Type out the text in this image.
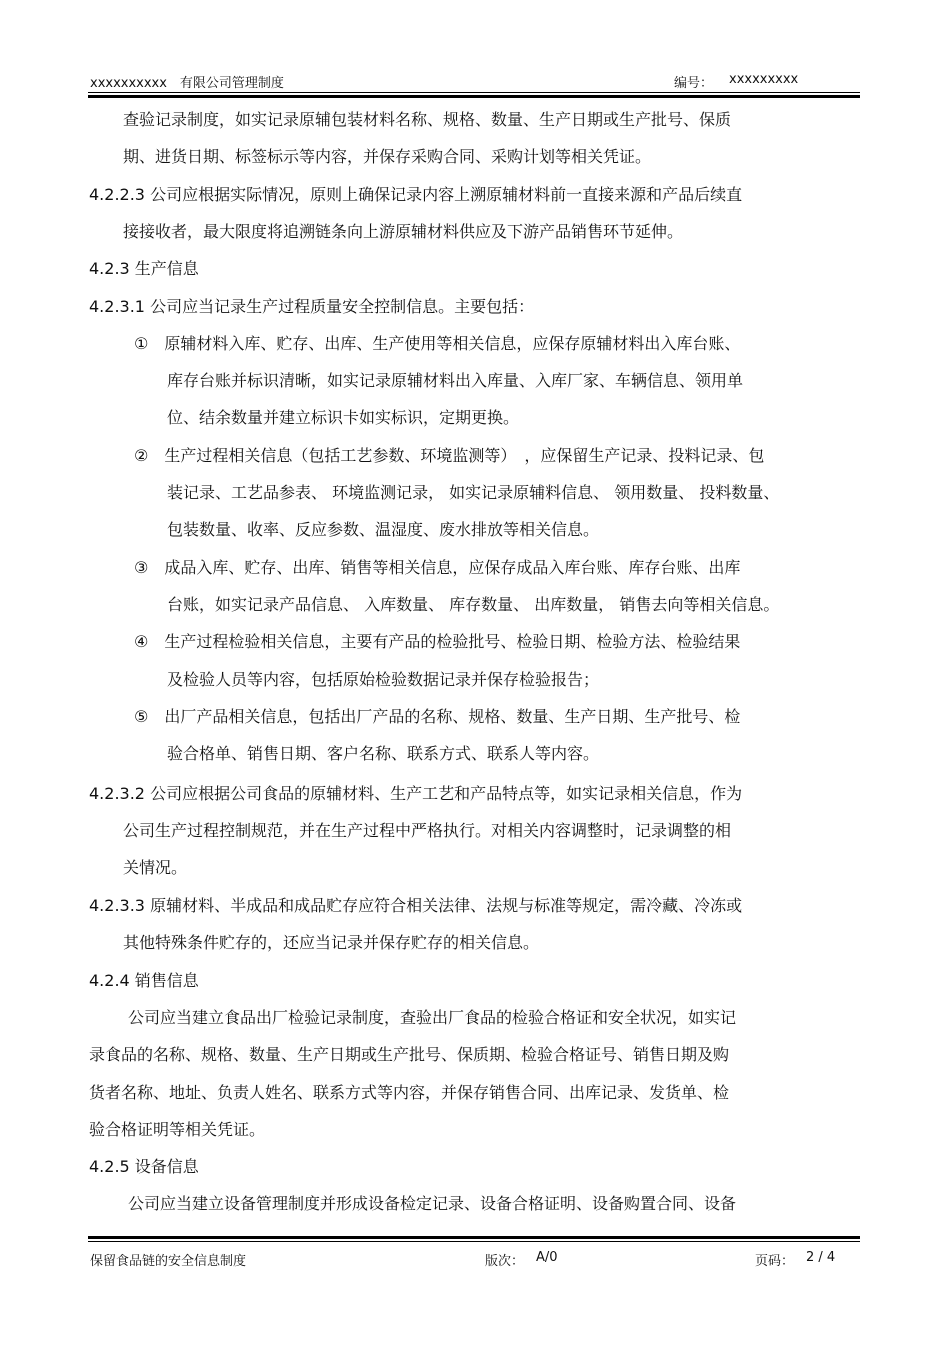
xxxxxxxxxx　有限公司管理制度	编号： xxxxxxxxx
查验记录制度，如实记录原辅包装材料名称、规格、数量、生产日期或生产批号、保质
期、进货日期、标签标示等内容，并保存采购合同、采购计划等相关凭证。
4.2.2.3 公司应根据实际情况，原则上确保记录内容上溯原辅材料前一直接来源和产品后续直
接接收者，最大限度将追溯链条向上游原辅材料供应及下游产品销售环节延伸。
4.2.3 生产信息
4.2.3.1 公司应当记录生产过程质量安全控制信息。主要包括：
①　原辅材料入库、贮存、出库、生产使用等相关信息，应保存原辅材料出入库台账、
库存台账并标识清晰，如实记录原辅材料出入库量、入库厂家、车辆信息、领用单
位、结余数量并建立标识卡如实标识，定期更换。
②　生产过程相关信息（包括工艺参数、环境监测等）　，应保留生产记录、投料记录、包
装记录、工艺品参表、 环境监测记录， 如实记录原辅料信息、 领用数量、 投料数量、
包装数量、收率、反应参数、温湿度、废水排放等相关信息。
③　成品入库、贮存、出库、销售等相关信息，应保存成品入库台账、库存台账、出库
台账，如实记录产品信息、 入库数量、 库存数量、 出库数量， 销售去向等相关信息。
④　生产过程检验相关信息，主要有产品的检验批号、检验日期、检验方法、检验结果
及检验人员等内容，包括原始检验数据记录并保存检验报告；
⑤　出厂产品相关信息，包括出厂产品的名称、规格、数量、生产日期、生产批号、检
验合格单、销售日期、客户名称、联系方式、联系人等内容。
4.2.3.2 公司应根据公司食品的原辅材料、生产工艺和产品特点等，如实记录相关信息，作为
公司生产过程控制规范，并在生产过程中严格执行。对相关内容调整时，记录调整的相
关情况。
4.2.3.3 原辅材料、半成品和成品贮存应符合相关法律、法规与标准等规定，需冷藏、冷冻或
其他特殊条件贮存的，还应当记录并保存贮存的相关信息。
4.2.4 销售信息
公司应当建立食品出厂检验记录制度，查验出厂食品的检验合格证和安全状况，如实记
录食品的名称、规格、数量、生产日期或生产批号、保质期、检验合格证号、销售日期及购
货者名称、地址、负责人姓名、联系方式等内容，并保存销售合同、出库记录、发货单、检
验合格证明等相关凭证。
4.2.5 设备信息
公司应当建立设备管理制度并形成设备检定记录、设备合格证明、设备购置合同、设备
保留食品链的安全信息制度	版次： A/0	页码： 2 / 4
